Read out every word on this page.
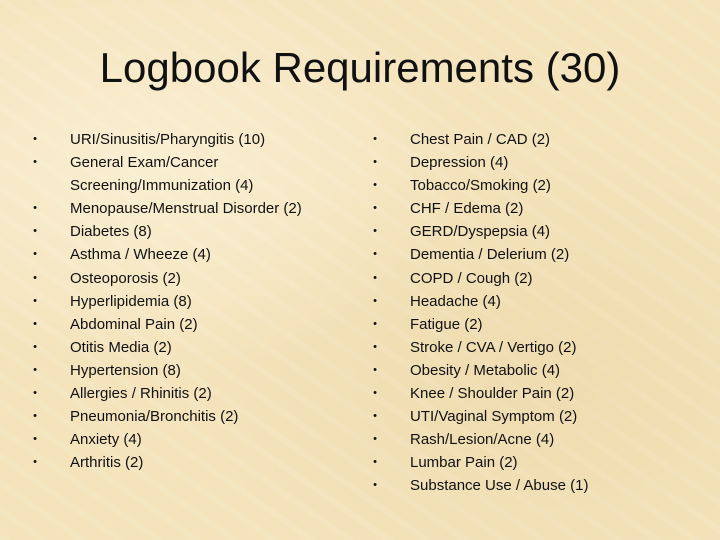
Logbook Requirements (30)
• URI/Sinusitis/Pharyngitis (10)
• General Exam/Cancer Screening/Immunization (4)
• Menopause/Menstrual Disorder (2)
• Diabetes (8)
• Asthma / Wheeze (4)
• Osteoporosis (2)
• Hyperlipidemia (8)
• Abdominal Pain (2)
• Otitis Media (2)
• Hypertension (8)
• Allergies / Rhinitis (2)
• Pneumonia/Bronchitis (2)
• Anxiety (4)
• Arthritis (2)
• Chest Pain / CAD (2)
• Depression (4)
• Tobacco/Smoking (2)
• CHF / Edema (2)
• GERD/Dyspepsia (4)
• Dementia / Delerium (2)
• COPD / Cough (2)
• Headache (4)
• Fatigue (2)
• Stroke / CVA / Vertigo (2)
• Obesity / Metabolic (4)
• Knee / Shoulder Pain (2)
• UTI/Vaginal Symptom (2)
• Rash/Lesion/Acne (4)
• Lumbar Pain (2)
• Substance Use / Abuse (1)
